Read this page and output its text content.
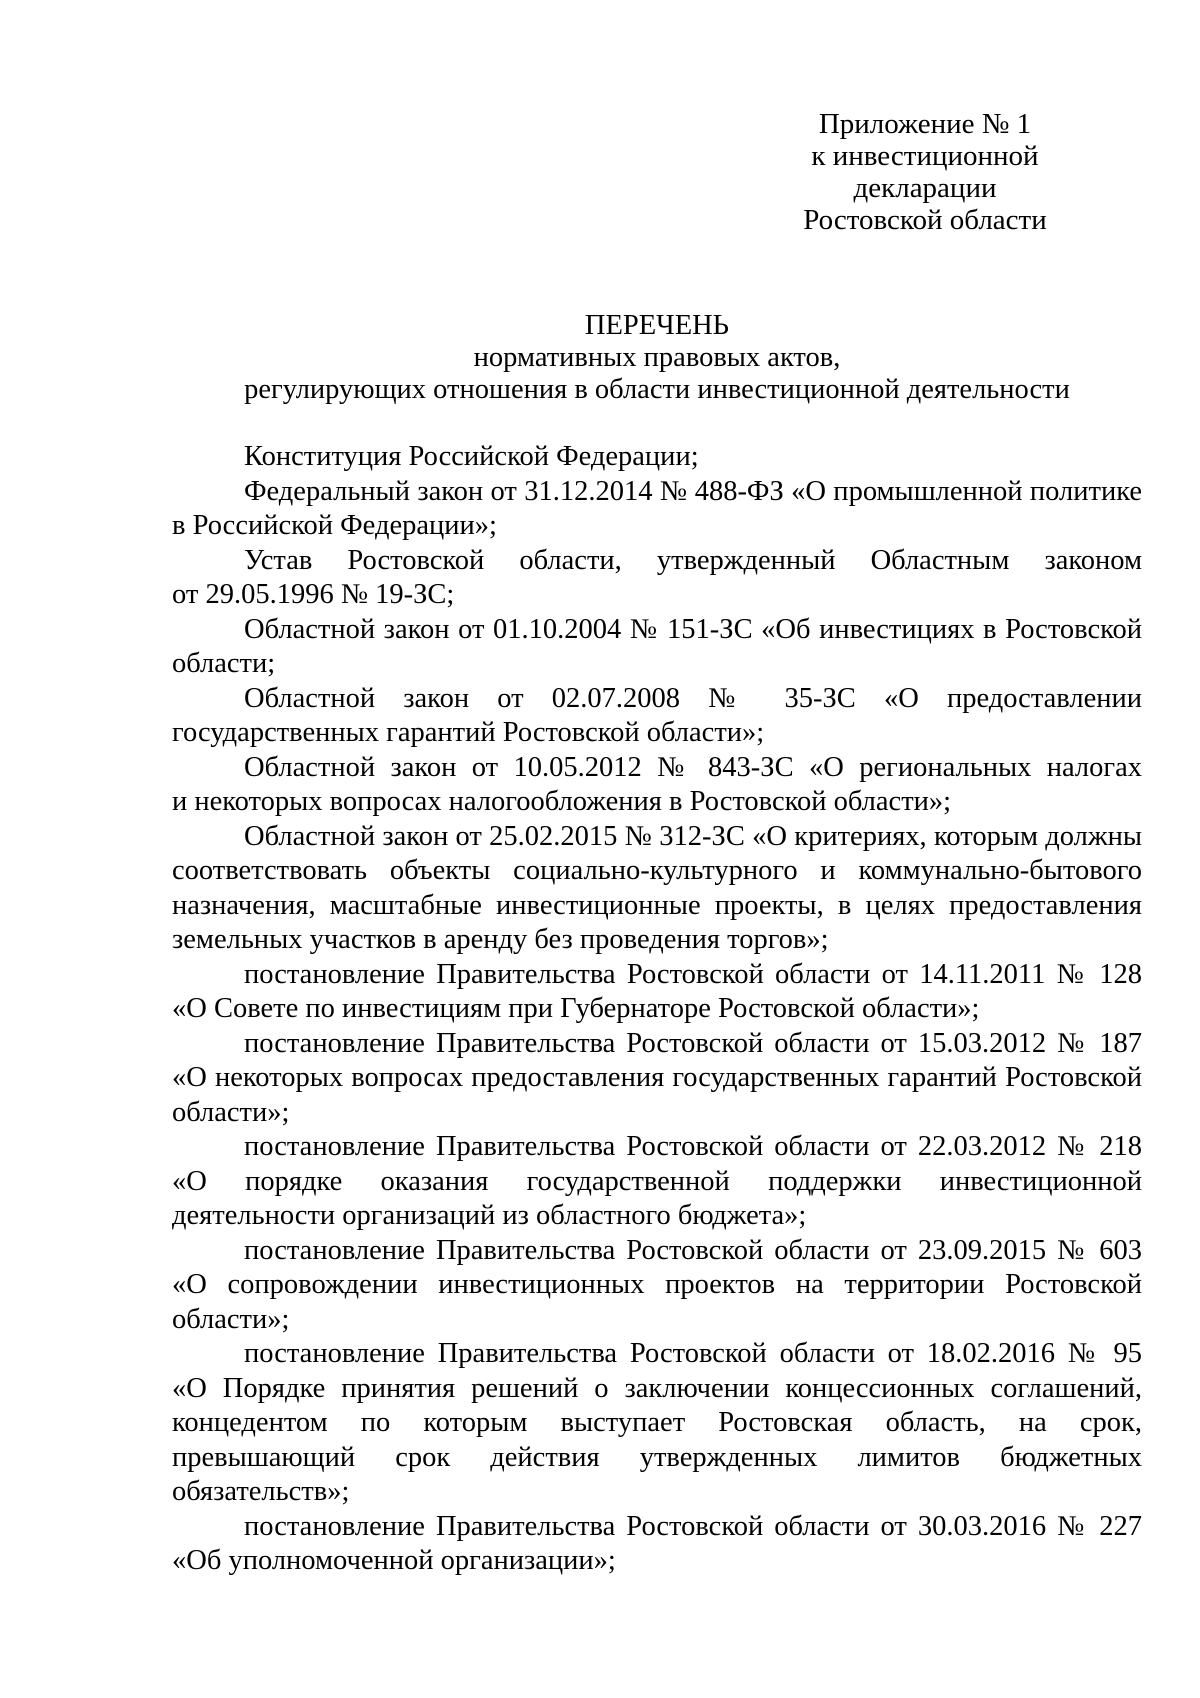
Приложение № 1
к инвестиционной
декларации
Ростовской области
ПЕРЕЧЕНЬ
нормативных правовых актов,
регулирующих отношения в области инвестиционной деятельности
Конституция Российской Федерации;
Федеральный закон от 31.12.2014 № 488-ФЗ «О промышленной политике
в Российской Федерации»;
Устав Ростовской области, утвержденный Областным законом
от 29.05.1996 № 19-ЗС;
Областной закон от 01.10.2004 № 151-ЗС «Об инвестициях в Ростовской
области;
Областной закон от 02.07.2008 № 35-ЗС «О предоставлении
государственных гарантий Ростовской области»;
Областной закон от 10.05.2012 № 843-ЗС «О региональных налогах
и некоторых вопросах налогообложения в Ростовской области»;
Областной закон от 25.02.2015 № 312-ЗС «О критериях, которым должны
соответствовать объекты социально-культурного и коммунально-бытового
назначения, масштабные инвестиционные проекты, в целях предоставления
земельных участков в аренду без проведения торгов»;
постановление Правительства Ростовской области от 14.11.2011 № 128
«О Совете по инвестициям при Губернаторе Ростовской области»;
постановление Правительства Ростовской области от 15.03.2012 № 187
«О некоторых вопросах предоставления государственных гарантий Ростовской
области»;
постановление Правительства Ростовской области от 22.03.2012 № 218
«О порядке оказания государственной поддержки инвестиционной
деятельности организаций из областного бюджета»;
постановление Правительства Ростовской области от 23.09.2015 № 603
«О сопровождении инвестиционных проектов на территории Ростовской
области»;
постановление Правительства Ростовской области от 18.02.2016 № 95
«О Порядке принятия решений о заключении концессионных соглашений,
концедентом по которым выступает Ростовская область, на срок,
превышающий срок действия утвержденных лимитов бюджетных
обязательств»;
постановление Правительства Ростовской области от 30.03.2016 № 227
«Об уполномоченной организации»;
